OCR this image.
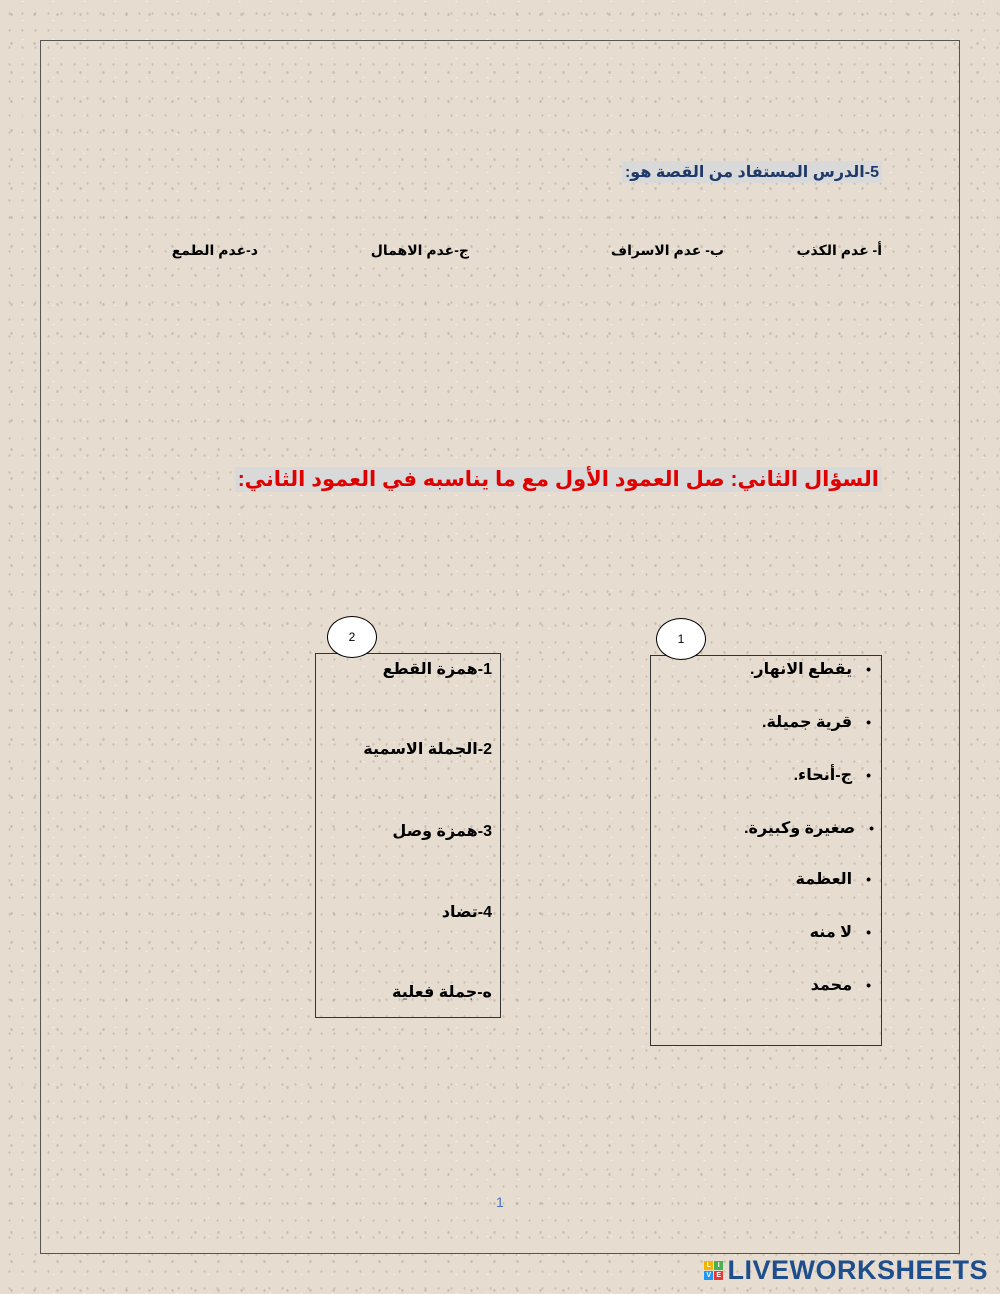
5-الدرس المستفاد من القصة هو:
أ- عدم الكذب
ب- عدم الاسراف
ج-عدم الاهمال
د-عدم الطمع
السؤال الثاني: صل العمود الأول مع ما يناسبه في العمود الثاني:
1
•يقطع الانهار.
•قرية جميلة.
•ج-أنحاء.
•صغيرة وكبيرة.
•العظمة
•لا منه
•محمد
2
1-همزة القطع
2-الجملة الاسمية
3-همزة وصل
4-تضاد
ه-جملة فعلية
1
L I
V E LIVEWORKSHEETS
